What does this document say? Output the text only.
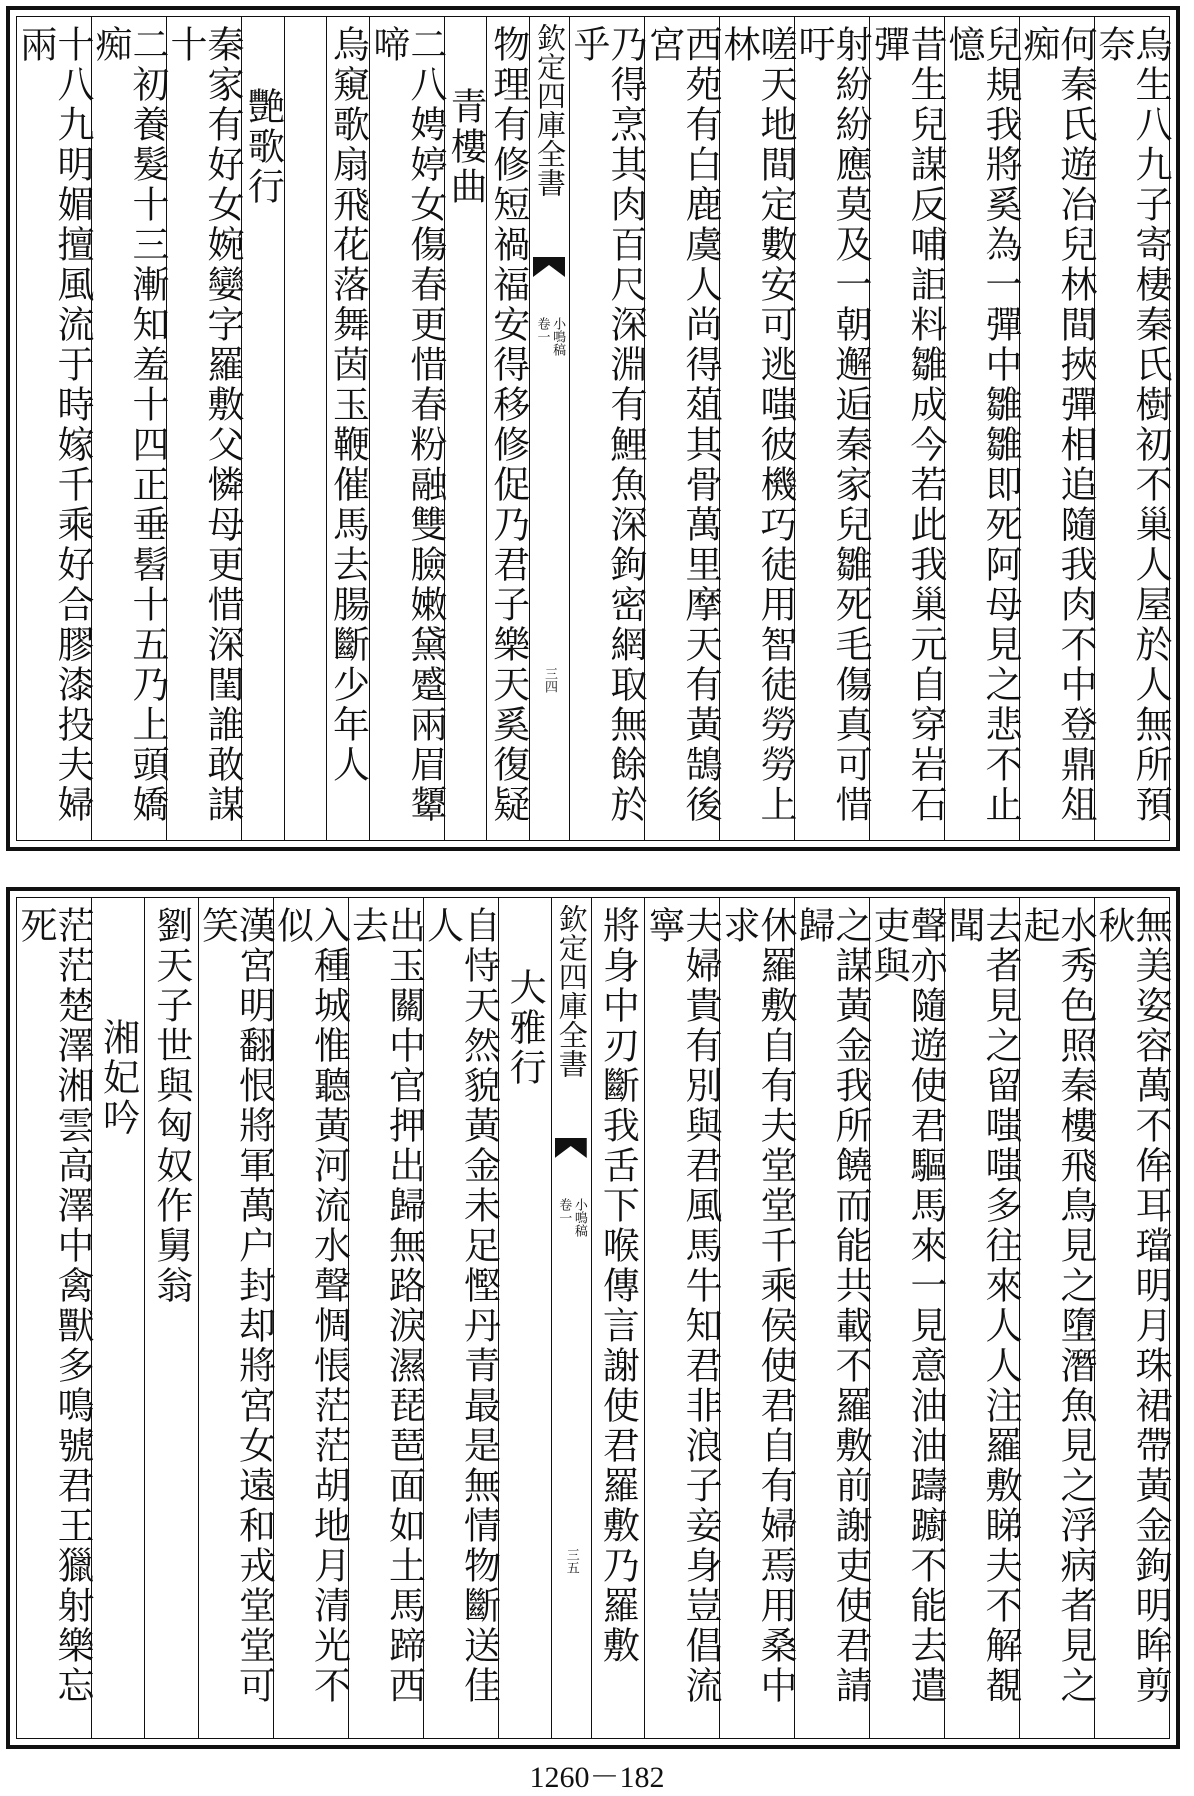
烏生八九子寄棲秦氏樹初不巢人屋於人無所預奈
何秦氏遊冶兒林間挾彈相追隨我肉不中登鼎俎痴
兒規我將奚為一彈中雛雛即死阿母見之悲不止憶
昔生兒謀反哺詎料雛成今若此我巢元自穿岩石彈
射紛紛應莫及一朝邂逅秦家兒雛死毛傷真可惜吁
嗟天地間定數安可逃嗤彼機巧徒用智徒勞勞上林
西苑有白鹿虞人尚得葅其骨萬里摩天有黃鵠後宮
乃得烹其肉百尺深淵有鯉魚深鉤密網取無餘於乎
欽定四庫全書
小鳴稿
卷一
三四
物理有修短禍福安得移修促乃君子樂天奚復疑
青樓曲
二八娉婷女傷春更惜春粉融雙臉嫩黛蹙兩眉顰啼
烏窺歌扇飛花落舞茵玉鞭催馬去腸斷少年人
艷歌行
秦家有好女婉孌字羅敷父憐母更惜深閨誰敢謀十
二初養髮十三漸知羞十四正垂髫十五乃上頭嬌痴
十八九明媚擅風流于時嫁千乘好合膠漆投夫婦兩
無美姿容萬不侔耳璫明月珠裙帶黃金鉤明眸剪秋
水秀色照秦樓飛鳥見之墮潛魚見之浮病者見之起
去者見之留嗤嗤多往來人人注羅敷睇夫不解覩聞
聲亦隨遊使君驅馬來一見意油油躊躕不能去遣吏與
之謀黃金我所饒而能共載不羅敷前謝吏使君請歸
休羅敷自有夫堂堂千乘侯使君自有婦焉用桑中求
夫婦貴有別與君風馬牛知君非浪子妾身豈倡流寧
將身中刃斷我舌下喉傳言謝使君羅敷乃羅敷
欽定四庫全書
小鳴稿
卷一
三五
大雅行
自恃天然貌黃金未足慳丹青最是無情物斷送佳人
出玉關中官押出歸無路淚濕琵琶面如土馬蹄西去
入種城惟聽黃河流水聲惆悵茫茫胡地月清光不似
漢宮明翻恨將軍萬户封却將宮女遠和戎堂堂可笑
劉天子世與匈奴作舅翁
湘妃吟
茫茫楚澤湘雲高澤中禽獸多鳴號君王獵射樂忘死
1260－182
